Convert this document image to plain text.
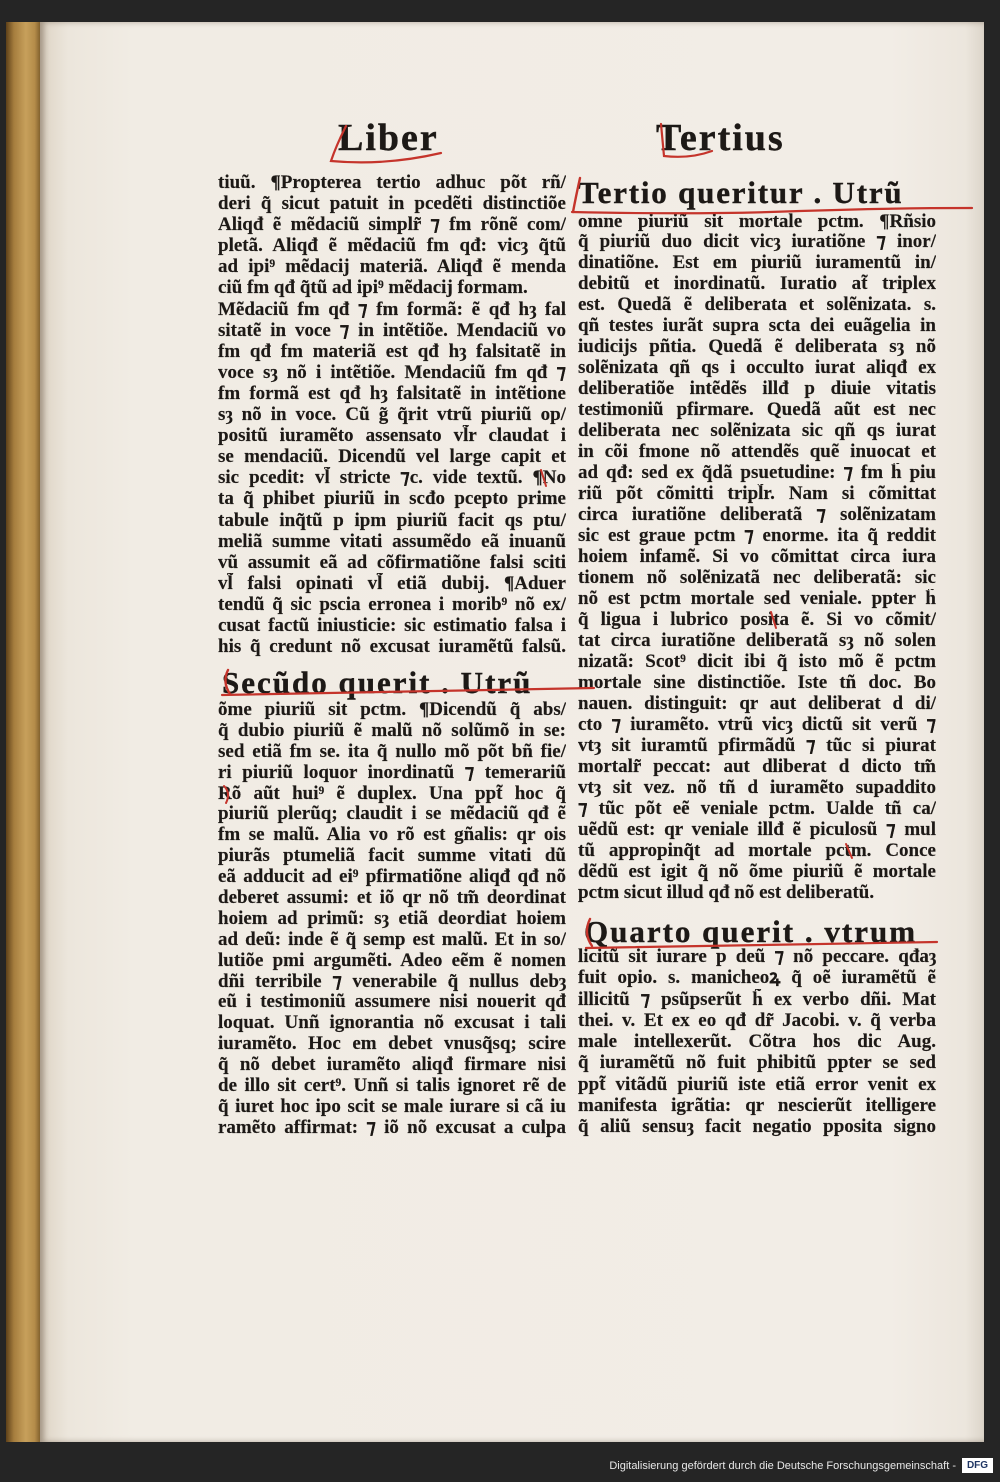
Liber	Tertius
tiuũ. ¶Propterea tertio adhuc põt rñ/
deri q̃ sicut patuit in pcedẽti distinctiõe
Aliqđ ẽ mẽdaciũ simplr̃ ⁊ fm rõnẽ com/
pletã. Aliqđ ẽ mẽdaciũ fm qđ: vicȝ q̃tũ
ad ipi⁹ mẽdacij materiã. Aliqđ ẽ menda
ciũ fm qđ q̃tũ ad ipi⁹ mẽdacij formam.
Mẽdaciũ fm qđ ⁊ fm formã: ẽ qđ hȝ fal
sitatẽ in voce ⁊ in intẽtiõe. Mendaciũ vo
fm qđ fm materiã est qđ hȝ falsitatẽ in
voce sȝ nõ i intẽtiõe. Mendaciũ fm qđ ⁊
fm formã est qđ hȝ falsitatẽ in intẽtione
sȝ nõ in voce. Cũ g̃ q̃rit vtrũ piuriũ op/
positũ iuramẽto assensato vl̃r claudat i
se mendaciũ. Dicendũ vel large capit et
sic pcedit: vl̃ stricte ⁊c. vide textũ. ¶No
ta q̃ phibet piuriũ in scđo pcepto prime
tabule inq̃tũ p ipm piuriũ facit qs ptu/
meliã summe vitati assumẽdo eã inuanũ
vũ assumit eã ad cõfirmatiõne falsi sciti
vl̃ falsi opinati vl̃ etiã dubij. ¶Aduer
tendũ q̃ sic pscia erronea i morib⁹ nõ ex/
cusat factũ iniusticie: sic estimatio falsa i
his q̃ credunt nõ excusat iuramẽtũ falsũ.
Secũdo querit . Utrũ
õme piuriũ sit pctm. ¶Dicendũ q̃ abs/
q̃ dubio piuriũ ẽ malũ nõ solũmõ in se:
sed etiã fm se. ita q̃ nullo mõ põt bñ fie/
ri piuriũ loquor inordinatũ ⁊ temerariũ
Rõ aũt hui⁹ ẽ duplex. Una ppt̃ hoc q̃
piuriũ plerũq; claudit i se mẽdaciũ qđ ẽ
fm se malũ. Alia vo rõ est gñalis: qr ois
piurãs ptumeliã facit summe vitati dũ
eã adducit ad ei⁹ pfirmatiõne aliqđ qđ nõ
deberet assumi: et iõ qr nõ tm̃ deordinat
hoiem ad primũ: sȝ etiã deordiat hoiem
ad deũ: inde ẽ q̃ semp est malũ. Et in so/
lutiõe pmi argumẽti. Adeo eẽm ẽ nomen
dñi terribile ⁊ venerabile q̃ nullus debȝ
eũ i testimoniũ assumere nisi nouerit qđ
loquat. Unñ ignorantia nõ excusat i tali
iuramẽto. Hoc em debet vnusq̃sq; scire
q̃ nõ debet iuramẽto aliqđ firmare nisi
de illo sit cert⁹. Unñ si talis ignoret rẽ de
q̃ iuret hoc ipo scit se male iurare si cã iu
ramẽto affirmat: ⁊ iõ nõ excusat a culpa
Tertio queritur . Utrũ
omne piuriũ sit mortale pctm. ¶Rñsio
q̃ piuriũ duo dicit vicȝ iuratiõne ⁊ inor/
dinatiõne. Est em piuriũ iuramentũ in/
debitũ et inordinatũ. Iuratio at̃ triplex
est. Quedã ẽ deliberata et solẽnizata. s.
qñ testes iurãt supra scta dei euãgelia in
iudicijs pñtia. Quedã ẽ deliberata sȝ nõ
solẽnizata qñ qs i occulto iurat aliqđ ex
deliberatiõe intẽdẽs illđ p diuie vitatis
testimoniũ pfirmare. Quedã aũt est nec
deliberata nec solẽnizata sic qñ qs iurat
in cõi fmone nõ attendẽs quẽ inuocat et
ad qđ: sed ex q̃dã psuetudine: ⁊ fm h̃ piu
riũ põt cõmitti tripl̃r. Nam si cõmittat
circa iuratiõne deliberatã ⁊ solẽnizatam
sic est graue pctm ⁊ enorme. ita q̃ reddit
hoiem infamẽ. Si vo cõmittat circa iura
tionem nõ solẽnizatã nec deliberatã: sic
nõ est pctm mortale sed veniale. ppter h̃
q̃ ligua i lubrico posita ẽ. Si vo cõmit/
tat circa iuratiõne deliberatã sȝ nõ solen
nizatã: Scot⁹ dicit ibi q̃ isto mõ ẽ pctm
mortale sine distinctiõe. Iste tñ doc. Bo
nauen. distinguit: qr aut deliberat d di/
cto ⁊ iuramẽto. vtrũ vicȝ dictũ sit verũ ⁊
vtȝ sit iuramtũ pfirmãdũ ⁊ tũc si piurat
mortalr̃ peccat: aut dliberat d dicto tm̃
vtȝ sit vez. nõ tñ d iuramẽto supaddito
⁊ tũc põt eẽ veniale pctm. Ualde tñ ca/
uẽdũ est: qr veniale illđ ẽ piculosũ ⁊ mul
tũ appropinq̃t ad mortale pctm. Conce
dẽdũ est igit q̃ nõ õme piuriũ ẽ mortale
pctm sicut illud qđ nõ est deliberatũ.
Quarto querit . vtrum
licitũ sit iurare p deũ ⁊ nõ peccare. qđaȝ
fuit opio. s. manicheoꝝ q̃ oẽ iuramẽtũ ẽ
illicitũ ⁊ psũpserũt h̃ ex verbo dñi. Mat
thei. v. Et ex eo qđ dr̃ Jacobi. v. q̃ verba
male intellexerũt. Cõtra hos dic Aug.
q̃ iuramẽtũ nõ fuit phibitũ ppter se sed
ppt̃ vitãdũ piuriũ iste etiã error venit ex
manifesta igrãtia: qr nescierũt itelligere
q̃ aliũ sensuȝ facit negatio pposita signo
Digitalisierung gefördert durch die Deutsche Forschungsgemeinschaft -	DFG
